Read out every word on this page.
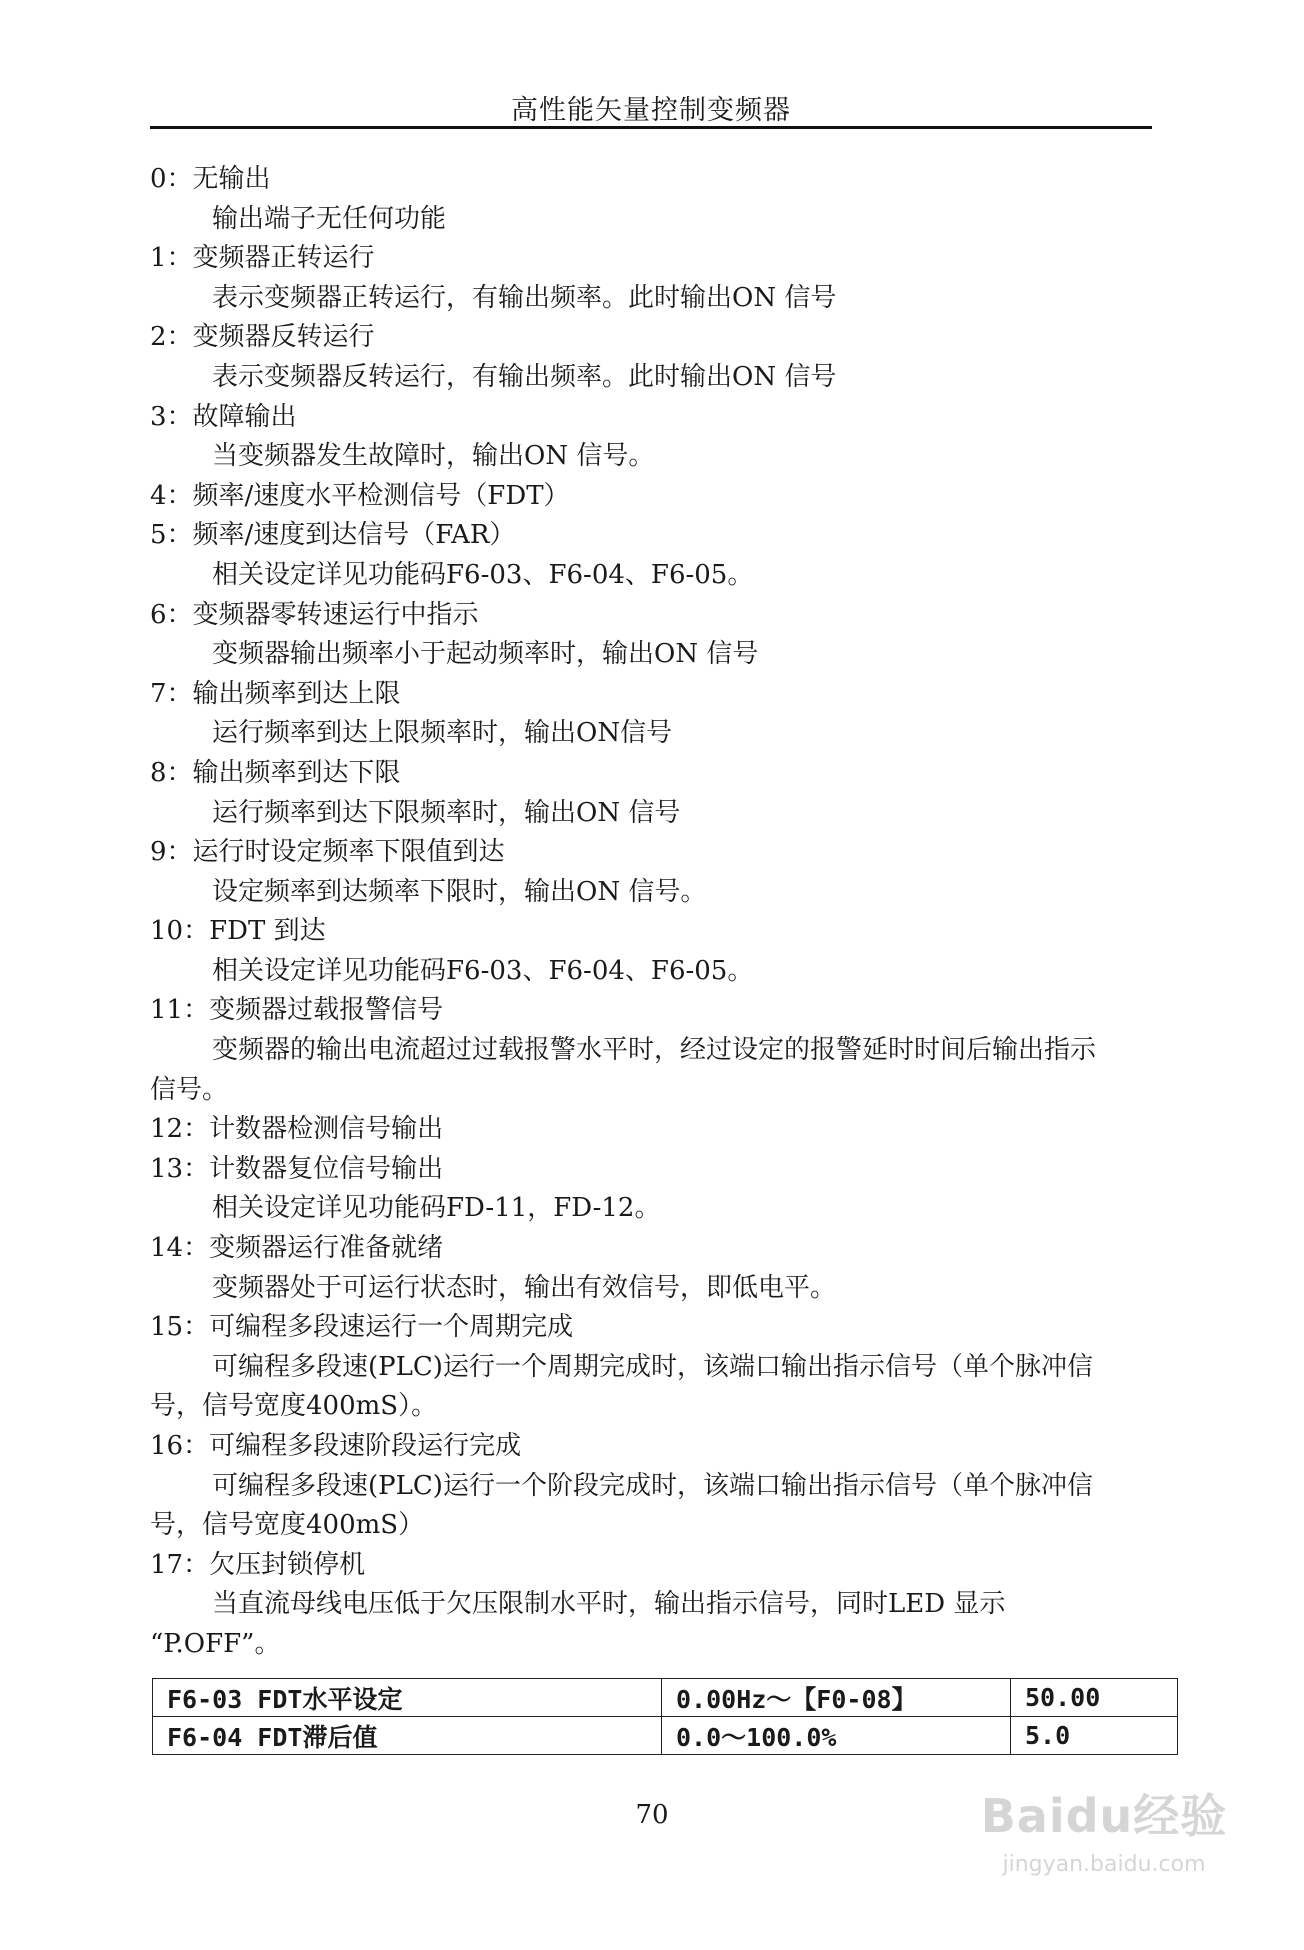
高性能矢量控制变频器
0：无输出
输出端子无任何功能
1：变频器正转运行
表示变频器正转运行，有输出频率。此时输出ON 信号
2：变频器反转运行
表示变频器反转运行，有输出频率。此时输出ON 信号
3：故障输出
当变频器发生故障时，输出ON 信号。
4：频率/速度水平检测信号（FDT）
5：频率/速度到达信号（FAR）
相关设定详见功能码F6-03、F6-04、F6-05。
6：变频器零转速运行中指示
变频器输出频率小于起动频率时，输出ON 信号
7：输出频率到达上限
运行频率到达上限频率时，输出ON信号
8：输出频率到达下限
运行频率到达下限频率时，输出ON 信号
9：运行时设定频率下限值到达
设定频率到达频率下限时，输出ON 信号。
10：FDT 到达
相关设定详见功能码F6-03、F6-04、F6-05。
11：变频器过载报警信号
变频器的输出电流超过过载报警水平时，经过设定的报警延时时间后输出指示
信号。
12：计数器检测信号输出
13：计数器复位信号输出
相关设定详见功能码FD-11，FD-12。
14：变频器运行准备就绪
变频器处于可运行状态时，输出有效信号，即低电平。
15：可编程多段速运行一个周期完成
可编程多段速(PLC)运行一个周期完成时，该端口输出指示信号（单个脉冲信
号，信号宽度400mS）。
16：可编程多段速阶段运行完成
可编程多段速(PLC)运行一个阶段完成时，该端口输出指示信号（单个脉冲信
号，信号宽度400mS）
17：欠压封锁停机
当直流母线电压低于欠压限制水平时，输出指示信号，同时LED 显示
“P.OFF”。
F6-03 FDT水平设定	0.00Hz～【F0-08】	50.00
F6-04 FDT滞后值	0.0～100.0%	5.0
70	Baidu经验
jingyan.baidu.com
